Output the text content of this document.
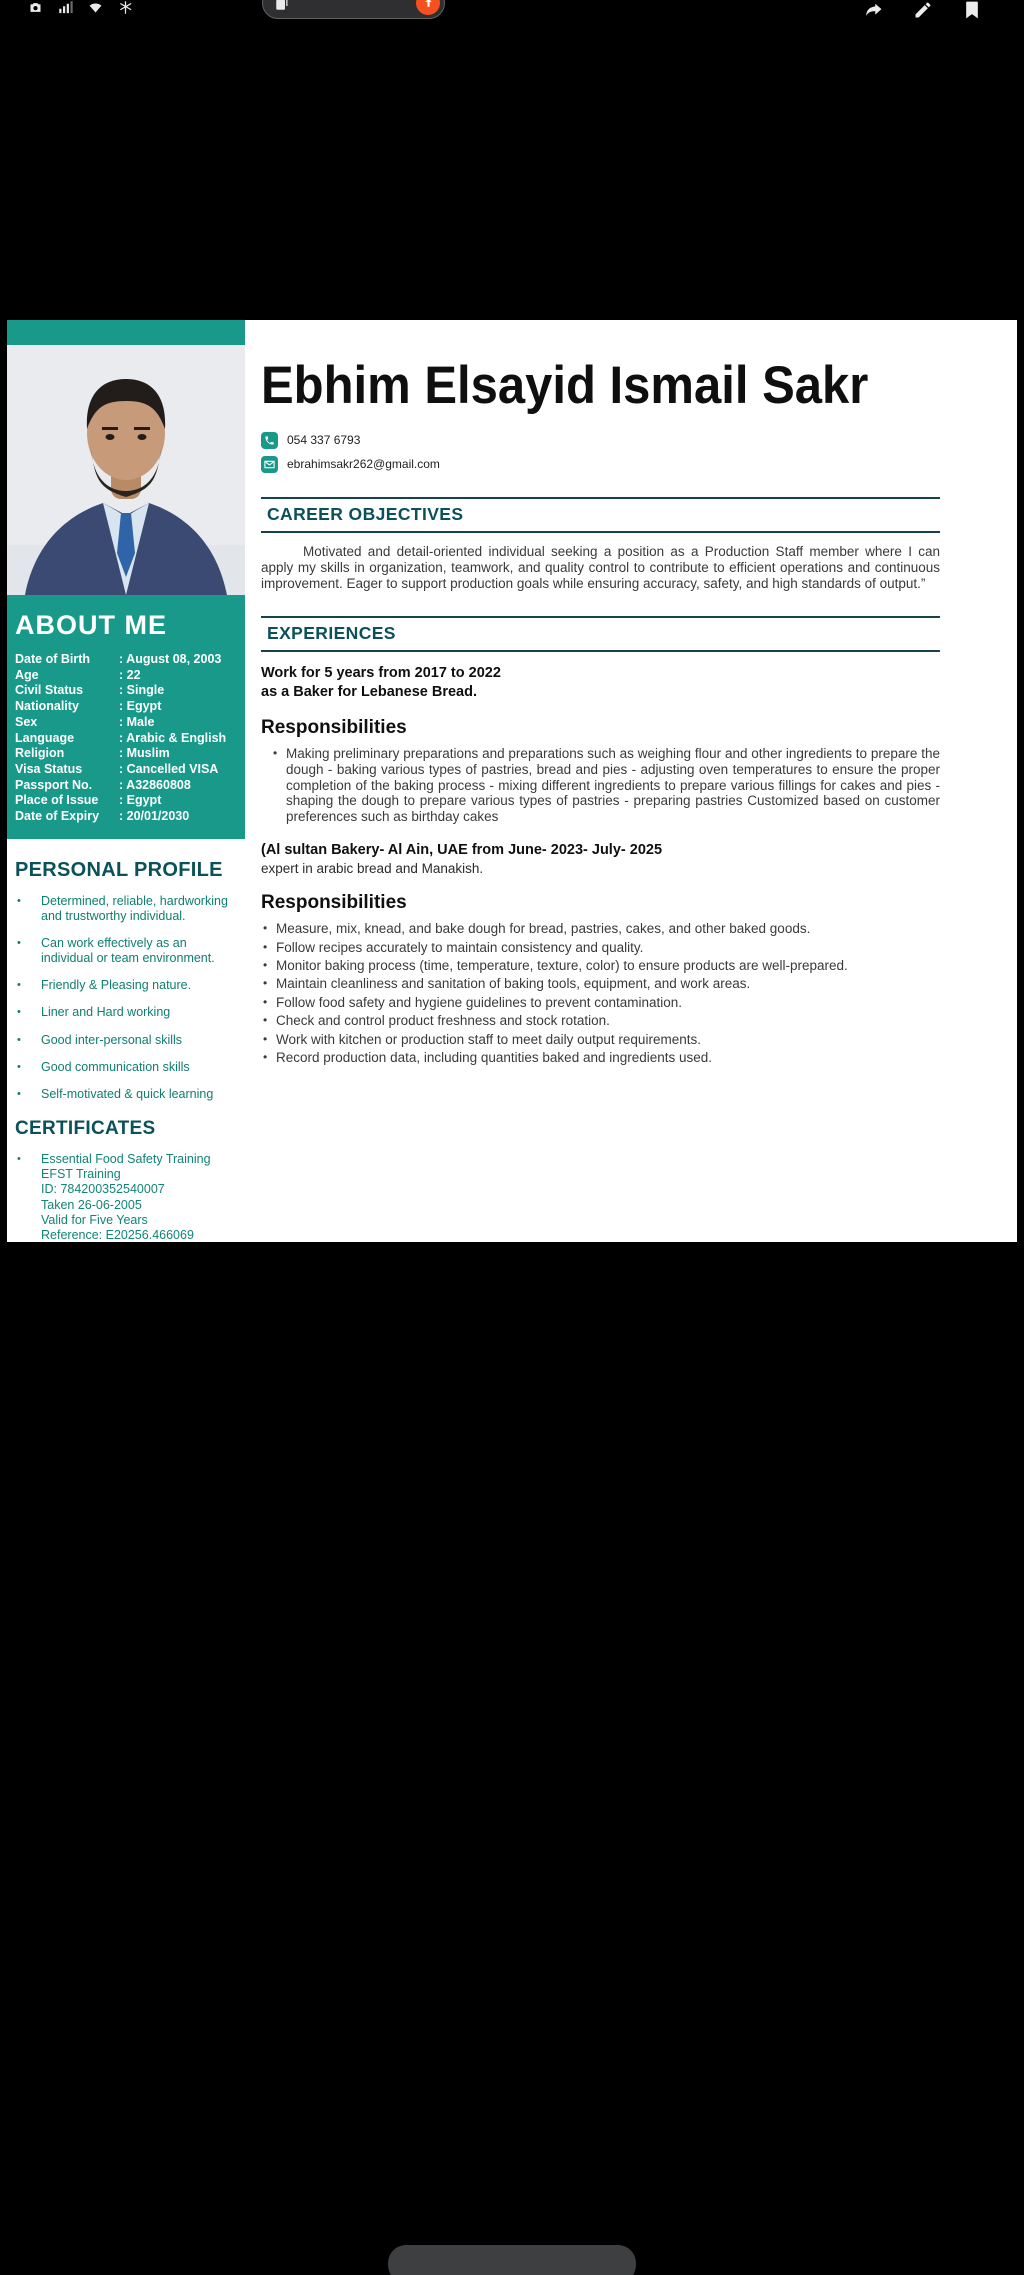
ABOUT ME
Date of Birth	: August 08, 2003
Age	: 22
Civil Status	: Single
Nationality	: Egypt
Sex	: Male
Language	: Arabic & English
Religion	: Muslim
Visa Status	: Cancelled VISA
Passport No.	: A32860808
Place of Issue	: Egypt
Date of Expiry	: 20/01/2030
PERSONAL PROFILE
•
Determined, reliable, hardworking and trustworthy individual.
•
Can work effectively as an individual or team environment.
•
Friendly & Pleasing nature.
•
Liner and Hard working
•
Good inter-personal skills
•
Good communication skills
•
Self-motivated & quick learning
CERTIFICATES
•
Essential Food Safety Training
EFST Training
ID: 784200352540007
Taken 26-06-2005
Valid for Five Years
Reference: E20256.466069
Ebhim Elsayid Ismail Sakr
054 337 6793
ebrahimsakr262@gmail.com
CAREER OBJECTIVES
Motivated and detail-oriented individual seeking a position as a Production Staff member where I can apply my skills in organization, teamwork, and quality control to contribute to efficient operations and continuous improvement. Eager to support production goals while ensuring accuracy, safety, and high standards of output.”
EXPERIENCES
Work for 5 years from 2017 to 2022
as a Baker for Lebanese Bread.
Responsibilities
•
Making preliminary preparations and preparations such as weighing flour and other ingredients to prepare the dough - baking various types of pastries, bread and pies - adjusting oven temperatures to ensure the proper completion of the baking process - mixing different ingredients to prepare various fillings for cakes and pies - shaping the dough to prepare various types of pastries - preparing pastries Customized based on customer preferences such as birthday cakes
(Al sultan Bakery- Al Ain, UAE from June- 2023- July- 2025
expert in arabic bread and Manakish.
Responsibilities
•
Measure, mix, knead, and bake dough for bread, pastries, cakes, and other baked goods.
•
Follow recipes accurately to maintain consistency and quality.
•
Monitor baking process (time, temperature, texture, color) to ensure products are well-prepared.
•
Maintain cleanliness and sanitation of baking tools, equipment, and work areas.
•
Follow food safety and hygiene guidelines to prevent contamination.
•
Check and control product freshness and stock rotation.
•
Work with kitchen or production staff to meet daily output requirements.
•
Record production data, including quantities baked and ingredients used.
